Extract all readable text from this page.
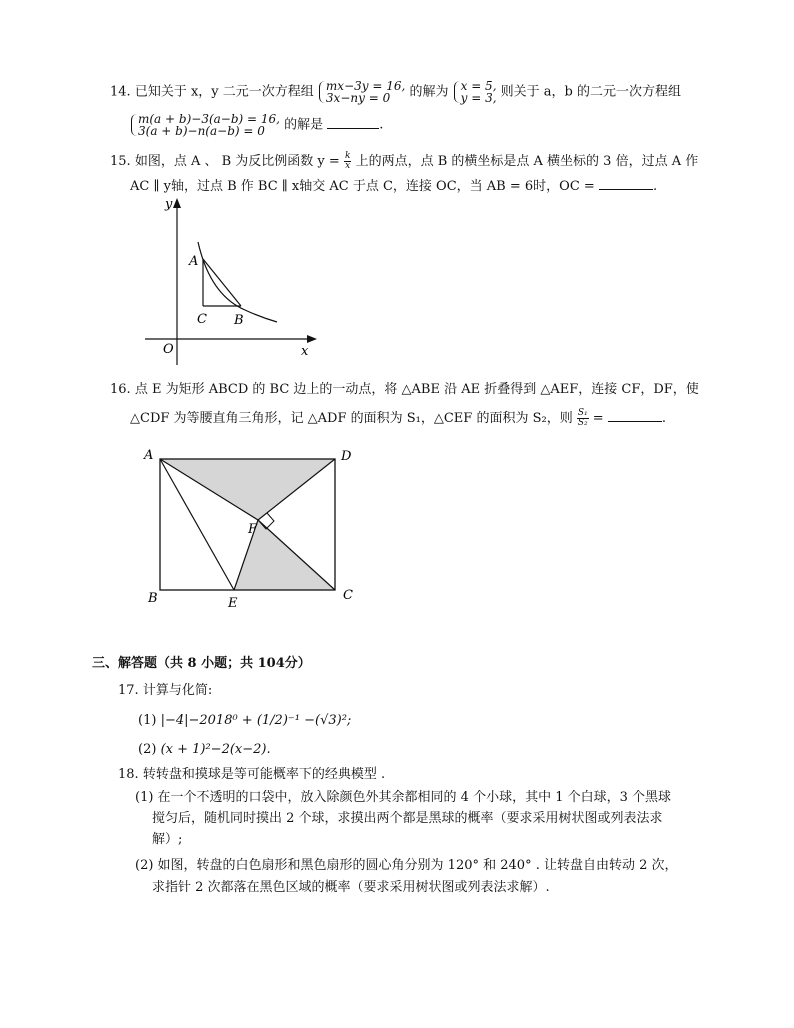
14. 已知关于 x，y 二元一次方程组 mx−3y = 16,
3x−ny = 0 的解为 x = 5,
y = 3, 则关于 a，b 的二元一次方程组
m(a + b)−3(a−b) = 16,
3(a + b)−n(a−b) = 0 的解是	.
15. 如图，点 A 、 B 为反比例函数 $y = \frac{k}{x}$ 上的两点，点 B 的横坐标是点 A 横坐标的 3 倍，过点 A 作
AC ∥ y轴，过点 B 作 BC ∥ x轴交 AC 于点 C，连接 OC，当 AB = 6时，OC =	.
y
x
O
A
B
C
16. 点 E 为矩形 ABCD 的 BC 边上的一动点，将 △ABE 沿 AE 折叠得到 △AEF，连接 CF，DF，使
△CDF 为等腰直角三角形，记 △ADF 的面积为 S₁，△CEF 的面积为 S₂，则 $\frac{\text{S₁}}{\text{S₂}}$ =	.
A	D
B	C
E
F
三、解答题（共 8 小题；共 104分）
17. 计算与化简:
(1) |−4|−2018⁰ + (1/2)⁻¹ −(√3)²;
(2) (x + 1)²−2(x−2).
18. 转转盘和摸球是等可能概率下的经典模型 .
(1) 在一个不透明的口袋中，放入除颜色外其余都相同的 4 个小球，其中 1 个白球，3 个黑球
搅匀后，随机同时摸出 2 个球，求摸出两个都是黑球的概率（要求采用树状图或列表法求
解）;
(2) 如图，转盘的白色扇形和黑色扇形的圆心角分别为 120° 和 240° . 让转盘自由转动 2 次，
求指针 2 次都落在黑色区域的概率（要求采用树状图或列表法求解）.
